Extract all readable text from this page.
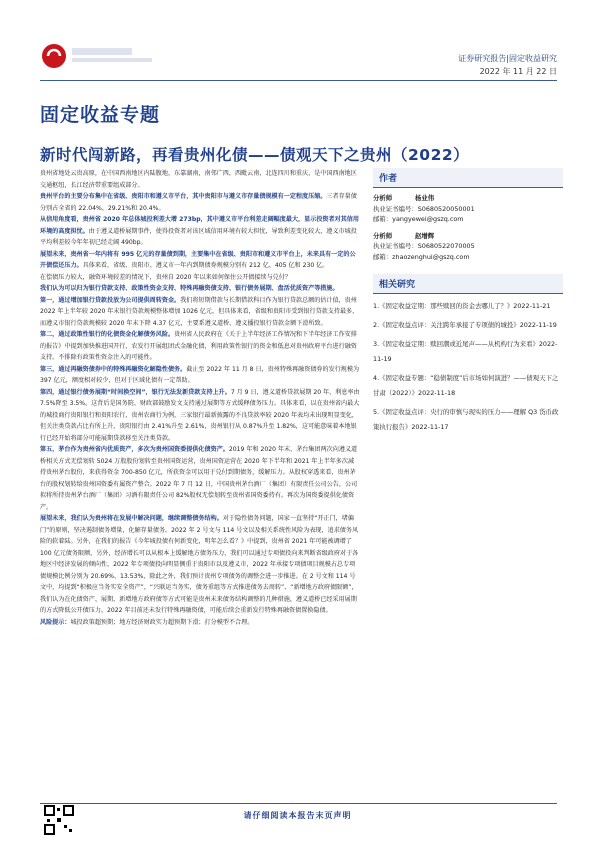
证券研究报告|固定收益研究
2022 年 11 月 22 日
固定收益专题
新时代闯新路，再看贵州化债——债观天下之贵州（2022）

贵州省地处云贵高原，在中国西南地区内陆腹地，东靠湖南，南邻广西，西毗云南，北连四川和重庆，是中国西南地区交通枢纽，长江经济带重要组成部分。

贵州平台的主要分布集中在省级、贵阳市和遵义市平台，其中贵阳市与遵义市存量债规模有一定程度压缩。三者存量债分别占全省的 22.04%、29.21%和 20.4%。

从信用角度看，贵州省 2020 年总体城投利差大增 273bp，其中遵义市平台利差走阔幅度最大，显示投资者对其信用环境的高度担忧。由于遵义道桥展期事件，使得投资者对该区域信用环境有较大担忧，导致利差变化较大，遵义市城投平均利差较今年年初已经走阔 490bp。

展望未来，贵州省一年内将有 995 亿元的存量债到期，主要集中在省级、贵阳市和遵义市平台上，未来具有一定的公开债偿还压力。具体来看，省级、贵阳市、遵义市一年内到期债券规模分别有 212 亿、405 亿和 230 亿。

在偿债压力较大，融资环境较差的情况下，贵州自 2020 年以来如何保住公开债接续与兑付？

我们认为可以归为银行贷款支持、政策性资金支持、特殊再融资债支持、银行债务展期、盘活优质资产等措施。

第一，通过增加银行贷款投放为公司提供周转资金。我们将短期借款与长期借款科目作为银行贷款总额的估计值，贵州 2022 年上半年较 2020 年末银行贷款规模整体增加 1026 亿元，但具体来看，省级和贵阳市受到银行贷款支持最多，而遵义市银行贷款规模较 2020 年末下降 4.37 亿元，主要系遵义道桥、遵义播投银行贷款金额下滑所致。

第二，通过政策性银行的化债资金化解债务风险。贵州省人民政府在《关于上半年经济工作情况和下半年经济工作安排的报告》中提到加快推进国开行、农发行开展组团式金融化债，利用政策性银行的资金和低息对贵州政府平台进行融资支持。不排除有政策性资金注入的可能性。

第三，通过再融资债券中的特殊再融资化解隐性债务。截止至 2022 年 11 月 8 日，贵州特殊再融资债券的发行规模为 397 亿元，额度相对较少，但对于区域化债有一定帮助。

第四，通过银行债务展期“时间换空间”，银行无法发新贷款支持上升。7 月 9 日，遵义道桥贷款展期 20 年，利息率由 7.5%降至 3.5%。这背后是国务院、财政部鼓励发文支持通过展期等方式缓释债务压力。具体来看，以在贵州省内最大的城投商行贵阳银行和贵阳农行，贵州农商行为例，三家银行最新披露的不良贷款率较 2020 年表均未出现明显变化，但关注类贷款占比有所上升，贵阳银行由 2.41%升至 2.61%，贵州银行从 0.87%升至 1.82%，这可能意味着本地银行已经开始将部分可能展期贷款移至关注类贷款。

第五，茅台作为贵州省内优质资产，多次为贵州国资委提供化债资产。2019 年和 2020 年末，茅台集团两次向遵义道桥相关方式无偿划转 5024 万股股份划转至贵州国资运营，贵州国资运营在 2020 年下半年和 2021 年上半年多次减持贵州茅台股份，来获得资金 700-850 亿元，所获资金可以用于兑付到期债务，缓解压力。从股权穿透来看，贵州茅台的股权划转给贵州国资委有属资产整合。2022 年 7 月 12 日，中国贵州茅台酒厂（集团）有限责任公司公告，公司拟将所持贵州茅台酒厂（集团）习酒有限责任公司 82%股权无偿划转至贵州省国资委持有。再次为国资委提供化债资产。

展望未来，我们认为贵州将在发展中解决问题，继续调整债务结构。对于隐性债务问题，国家一直坚持“开正门，堵偏门”的原则，坚决遏制债务增量，化解存量债务。2022 年 2 号文与 114 号文以及相关系统性风险为表现，追求债务风险的软着陆。另外，在我们的报告《今年城投债有何新变化，明年怎么看？》中提到，贵州省 2021 年可能被调增了 100 亿元债务限额，另外，经济增长可以从根本上缓解地方债务压力，我们可以通过专项债投向来判断省级政府对于各地区中经济发展的倾向性，2022 年专项债投向明显侧重于贵阳市以及遵义市，2022 年承接专项债项目规模占总专项债规模比例分别为 20.69%、13.53%，除此之外，我们预计贵州专项债务的调整会进一步推进。在 2 号文和 114 号文中，均提到“积极应当务实安全资产”，“兴联运当务实，债务重组等方式推进债务去周转”、“新增地方政府债限额”，我们认为在化债资产、展期、新增地方政府债等方式可能是贵州未来债务结构调整的几种措施，遵义道桥已经采用展期的方式降低公开债压力。2022 年目前还未发行特殊再融资债，可能后续会重新发行特殊再融资债置换隐债。

风险提示：城投政策超预期；地方经济财政实力超预期下滑；打分模型不合理。

作者
分析师	杨业伟
执业证书编号：S0680520050001
邮箱：yangyewei@gszq.com
分析师	赵增辉
执业证书编号：S0680522070005
邮箱：zhaozenghui@gszq.com
相关研究
1.《固定收益定期：那些赎回的资金去哪儿了？》2022-11-21
2.《固定收益点评：关注跨年承接了专项债的城投》2022-11-19
3.《固定收益定期：赎回潮或近尾声——从机构行为来看》2022-11-19
4.《固定收益专题：“稳债制度”后市场如何演进？——债观天下之甘肃（2022）》2022-11-18
5.《固定收益点评：央行的审慎与现实的压力——理解 Q3 货币政策执行报告》2022-11-17
请仔细阅读本报告末页声明
